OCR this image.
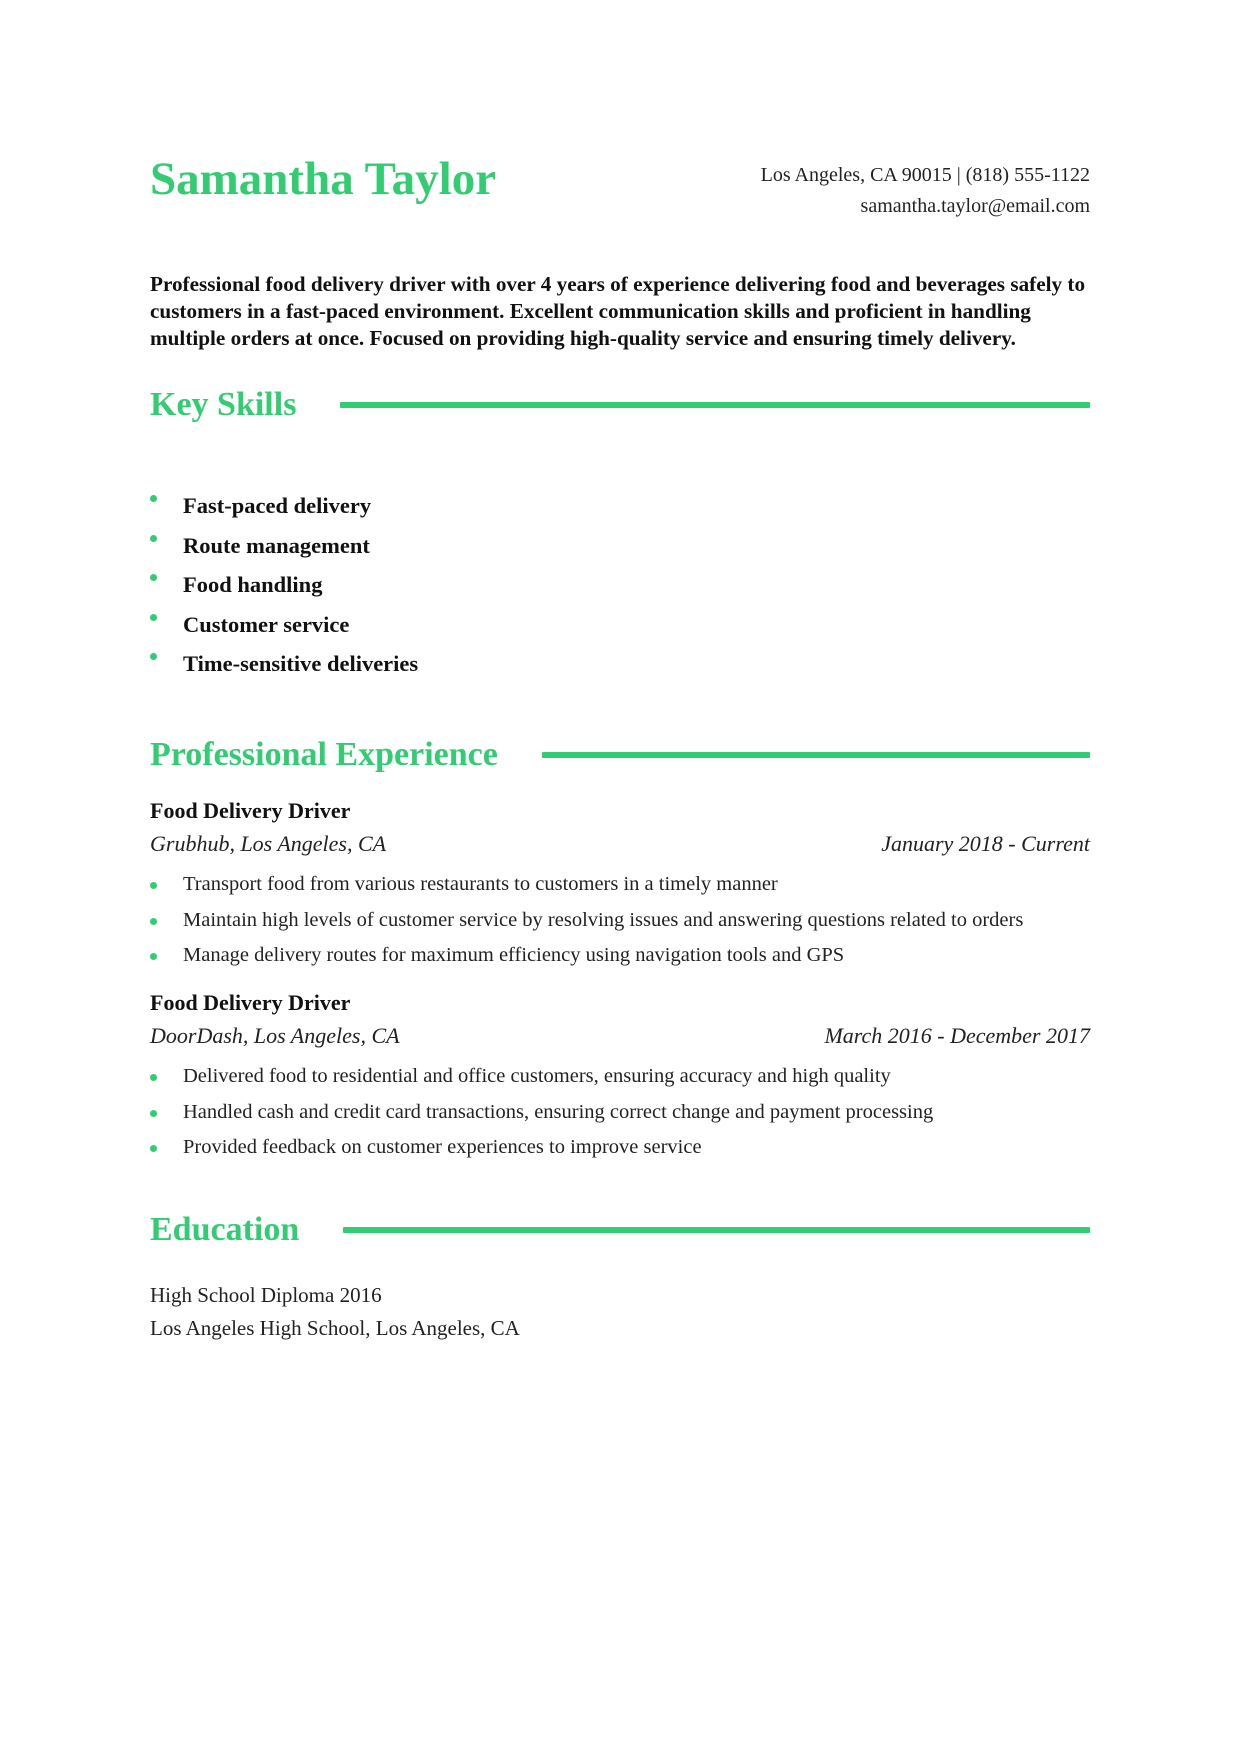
Samantha Taylor	Los Angeles, CA 90015 | (818) 555-1122
samantha.taylor@email.com

Professional food delivery driver with over 4 years of experience delivering food and beverages safely to customers in a fast-paced environment. Excellent communication skills and proficient in handling multiple orders at once. Focused on providing high-quality service and ensuring timely delivery.

Key Skills
Fast-paced delivery
Route management
Food handling
Customer service
Time-sensitive deliveries
Professional Experience
Food Delivery Driver
Grubhub, Los Angeles, CA	January 2018 - Current
Transport food from various restaurants to customers in a timely manner
Maintain high levels of customer service by resolving issues and answering questions related to orders
Manage delivery routes for maximum efficiency using navigation tools and GPS
Food Delivery Driver
DoorDash, Los Angeles, CA	March 2016 - December 2017
Delivered food to residential and office customers, ensuring accuracy and high quality
Handled cash and credit card transactions, ensuring correct change and payment processing
Provided feedback on customer experiences to improve service
Education
High School Diploma 2016
Los Angeles High School, Los Angeles, CA
